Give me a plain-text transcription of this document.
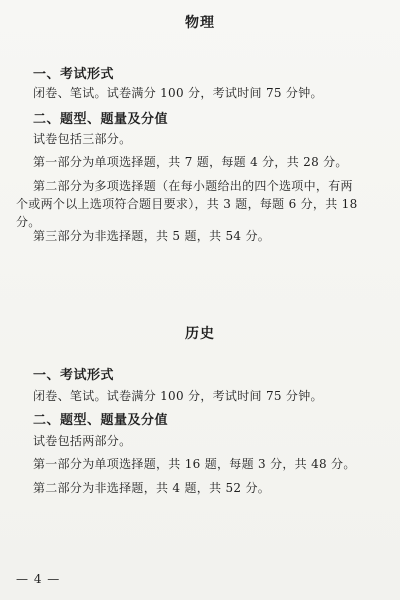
物理
一、考试形式
闭卷、笔试。试卷满分 100 分，考试时间 75 分钟。
二、题型、题量及分值
试卷包括三部分。
第一部分为单项选择题，共 7 题，每题 4 分，共 28 分。
第二部分为多项选择题（在每小题给出的四个选项中，有两
个或两个以上选项符合题目要求），共 3 题，每题 6 分，共 18 分。
第三部分为非选择题，共 5 题，共 54 分。
历史
一、考试形式
闭卷、笔试。试卷满分 100 分，考试时间 75 分钟。
二、题型、题量及分值
试卷包括两部分。
第一部分为单项选择题，共 16 题，每题 3 分，共 48 分。
第二部分为非选择题，共 4 题，共 52 分。
— 4 —
